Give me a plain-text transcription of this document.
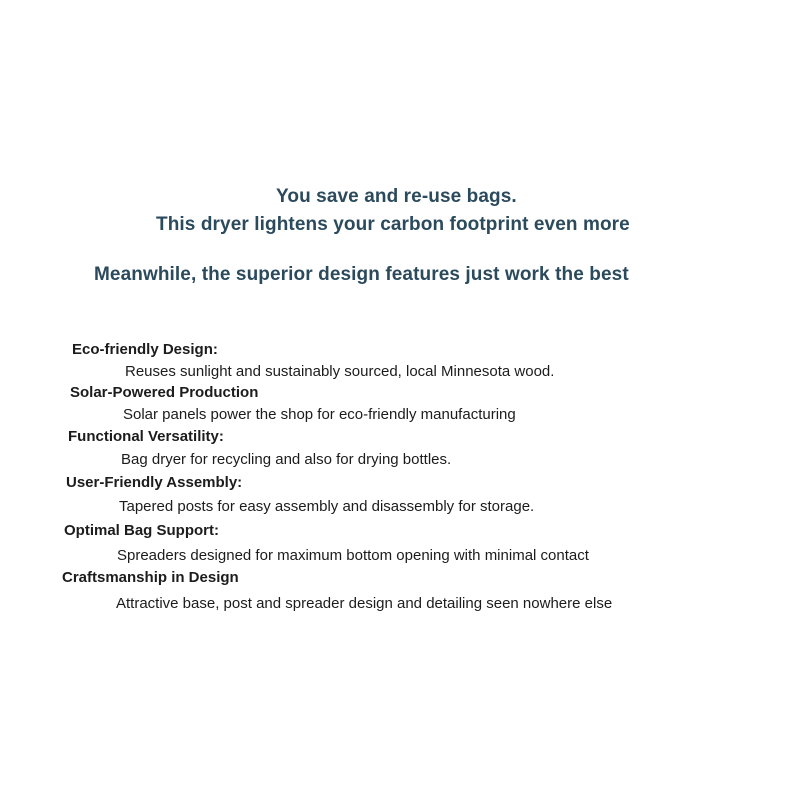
You save and re-use bags.
This dryer lightens your carbon footprint even more
Meanwhile, the superior design features just work the best
Eco-friendly Design:
Reuses sunlight and sustainably sourced, local Minnesota wood.
Solar-Powered Production
Solar panels power the shop for eco-friendly manufacturing
Functional Versatility:
Bag dryer for recycling and also for drying bottles.
User-Friendly Assembly:
Tapered posts for easy assembly and disassembly for storage.
Optimal Bag Support:
Spreaders designed for maximum bottom opening with minimal contact
Craftsmanship in Design
Attractive base, post and spreader design and detailing seen nowhere else
